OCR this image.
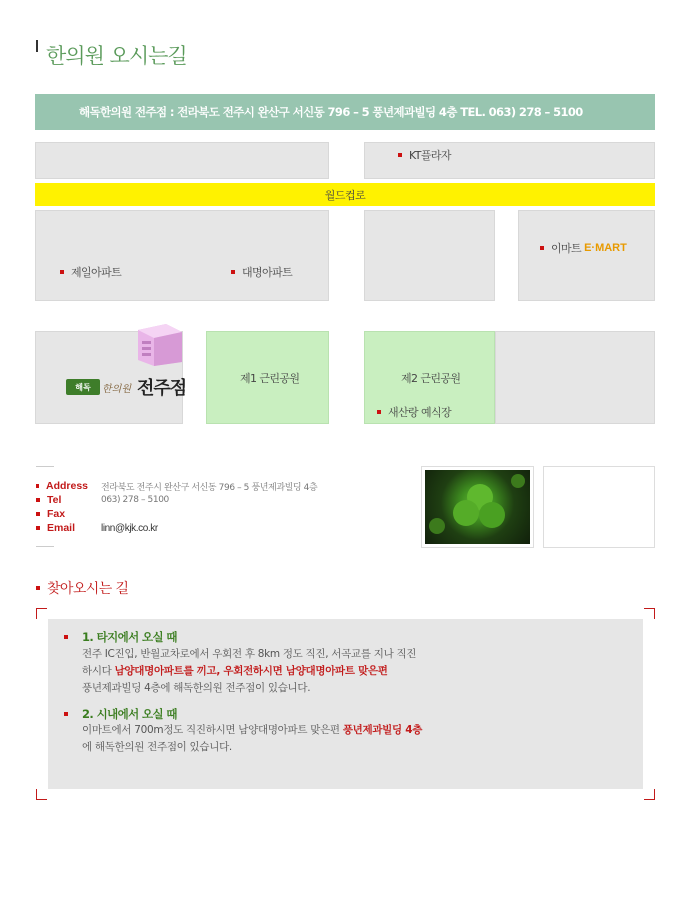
한의원 오시는길
해독한의원 전주점 : 전라북도 전주시 완산구 서신동 796 – 5 풍년제과빌딩 4층 TEL. 063) 278 – 5100
KT플라자
월드컵로
제일아파트	대명아파트
이마트 E·MART
해독	한의원 전주점	제1 근린공원	제2 근린공원
새산랑 예식장
Address 전라북도 전주시 완산구 서신동 796 – 5 풍년제과빌딩 4층
Tel	063) 278 – 5100
Fax
Email	linn@kjk.co.kr
찾아오시는 길
1. 타지에서 오실 때
전주 IC진입, 반월교차로에서 우회전 후 8km 정도 직진, 서곡교를 지나 직진
하시다 남양대명아파트를 끼고, 우회전하시면 남양대명아파트 맞은편
풍년제과빌딩 4층에 해독한의원 전주점이 있습니다.
2. 시내에서 오실 때
이마트에서 700m정도 직진하시면 남양대명아파트 맞은편 풍년제과빌딩 4층
에 해독한의원 전주점이 있습니다.
